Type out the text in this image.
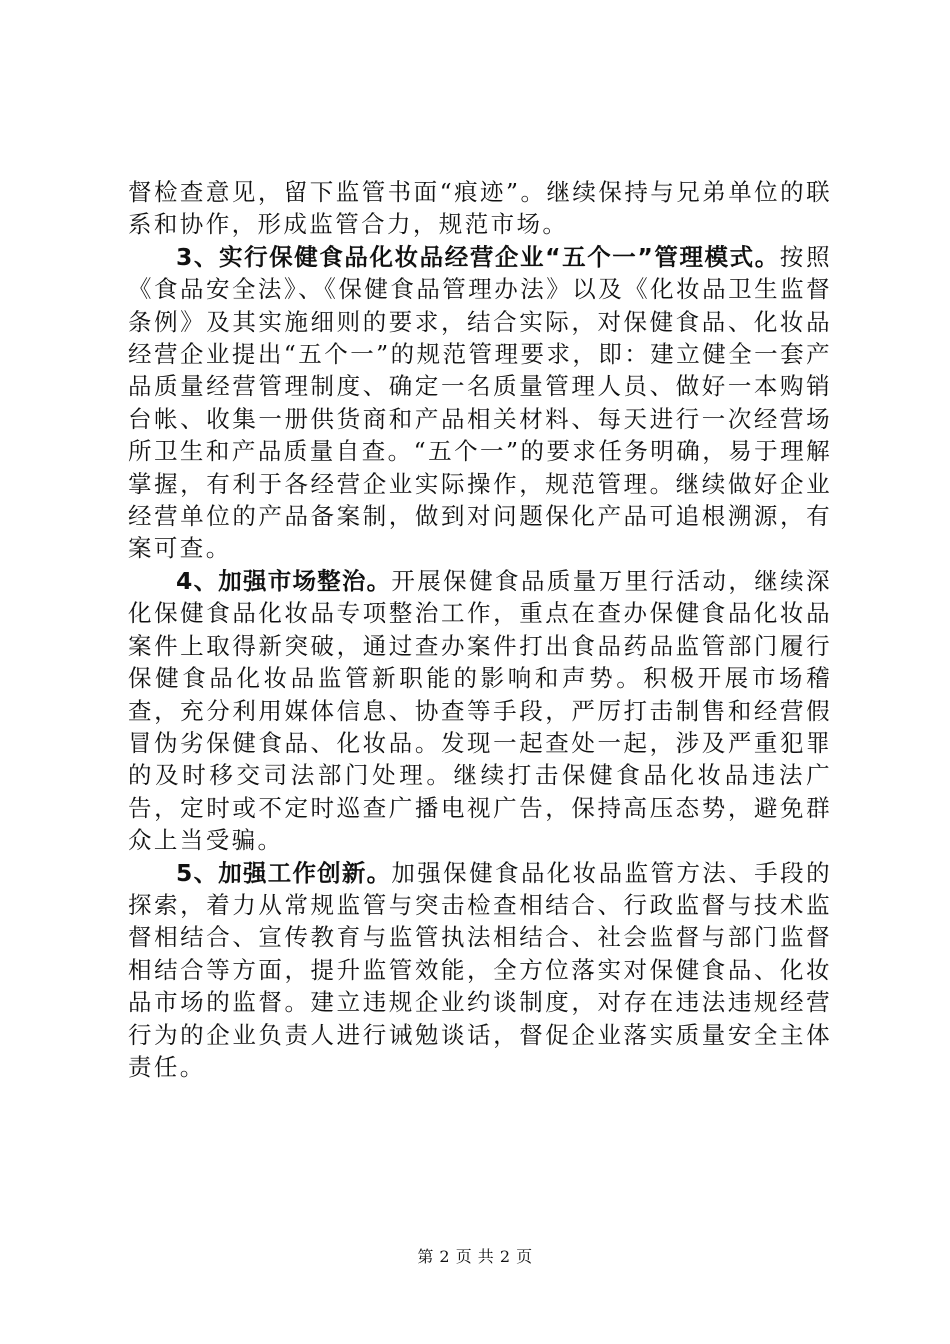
督检查意见，留下监管书面“痕迹”。继续保持与兄弟单位的联系和协作，形成监管合力，规范市场。

3、实行保健食品化妆品经营企业“五个一”管理模式。按照《食品安全法》、《保健食品管理办法》以及《化妆品卫生监督条例》及其实施细则的要求，结合实际，对保健食品、化妆品经营企业提出“五个一”的规范管理要求，即：建立健全一套产品质量经营管理制度、确定一名质量管理人员、做好一本购销台帐、收集一册供货商和产品相关材料、每天进行一次经营场所卫生和产品质量自查。“五个一”的要求任务明确，易于理解掌握，有利于各经营企业实际操作，规范管理。继续做好企业经营单位的产品备案制，做到对问题保化产品可追根溯源，有案可查。

4、加强市场整治。开展保健食品质量万里行活动，继续深化保健食品化妆品专项整治工作，重点在查办保健食品化妆品案件上取得新突破，通过查办案件打出食品药品监管部门履行保健食品化妆品监管新职能的影响和声势。积极开展市场稽查，充分利用媒体信息、协查等手段，严厉打击制售和经营假冒伪劣保健食品、化妆品。发现一起查处一起，涉及严重犯罪的及时移交司法部门处理。继续打击保健食品化妆品违法广告，定时或不定时巡查广播电视广告，保持高压态势，避免群众上当受骗。

5、加强工作创新。加强保健食品化妆品监管方法、手段的探索，着力从常规监管与突击检查相结合、行政监督与技术监督相结合、宣传教育与监管执法相结合、社会监督与部门监督相结合等方面，提升监管效能，全方位落实对保健食品、化妆品市场的监督。建立违规企业约谈制度，对存在违法违规经营行为的企业负责人进行诫勉谈话，督促企业落实质量安全主体责任。

第 2 页 共 2 页
